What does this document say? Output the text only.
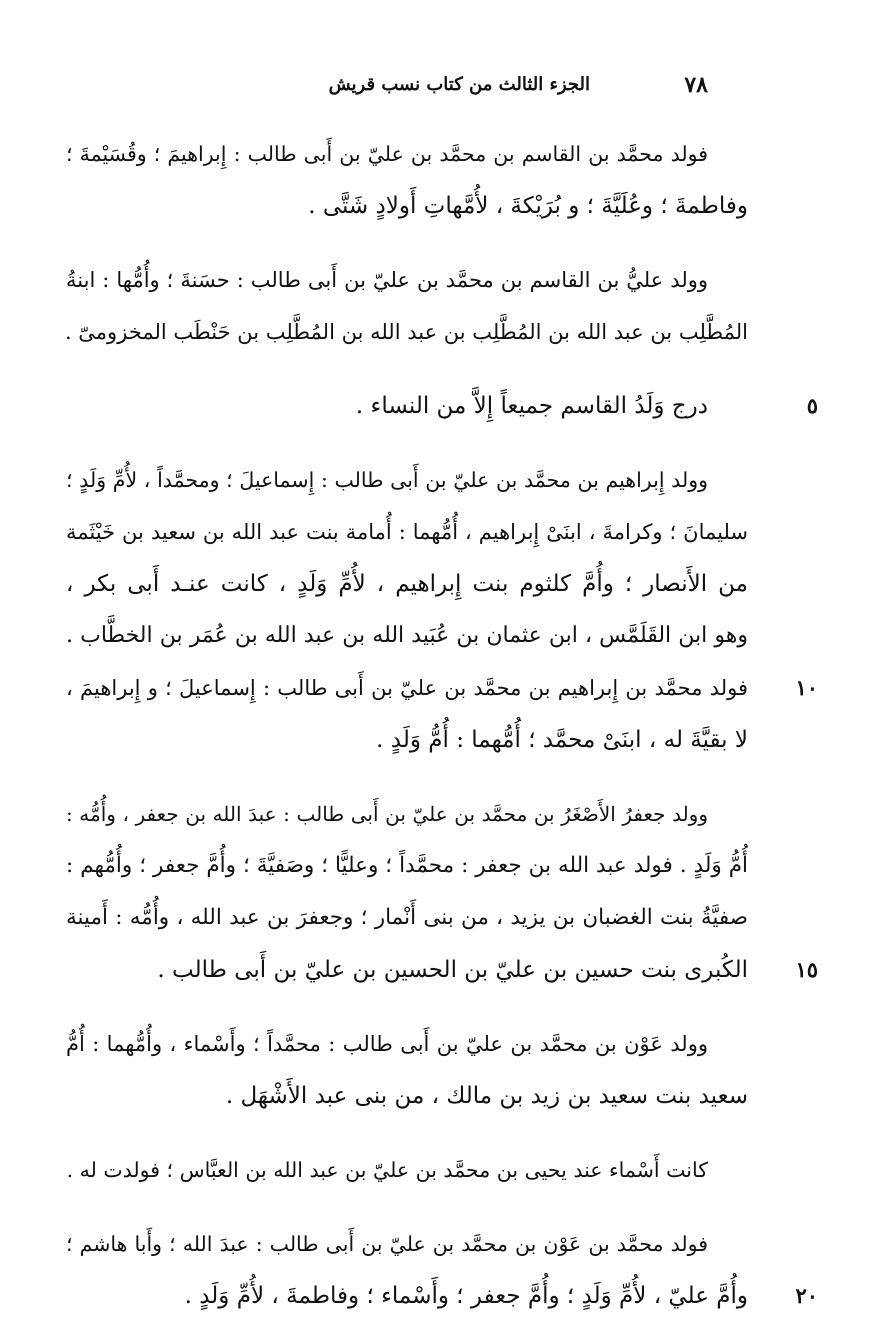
٧٨
الجزء الثالث من كتاب نسب قريش
فولد محمَّد بن القاسم بن محمَّد بن عليّ بن أَبى طالب : إِبراهيمَ ؛ وقُسَيْمةَ ؛
وفاطمةَ ؛ وعُلَيَّةَ ؛ و بُرَيْكةَ ، لأُمَّهاتِ أَولادٍ شَتَّى .
وولد عليُّ بن القاسم بن محمَّد بن عليّ بن أَبى طالب : حسَنةَ ؛ وأُمُّها : ابنةُ
المُطَّلِب بن عبد الله بن المُطَّلِب بن عبد الله بن المُطَّلِب بن حَنْطَب المخزومىّ .
درج وَلَدُ القاسم جميعاً إِلاَّ من النساء .	٥
وولد إِبراهيم بن محمَّد بن عليّ بن أَبى طالب : إِسماعيلَ ؛ ومحمَّداً ، لأُمِّ وَلَدٍ ؛
سليمانَ ؛ وكرامةَ ، ابنَىْ إِبراهيم ، أُمُّهما : أُمامة بنت عبد الله بن سعيد بن خَيْثَمة
من الأَنصار ؛ وأُمَّ كلثوم بنت إِبراهيم ، لأُمِّ وَلَدٍ ، كانت عنـد أَبى بكر ،
وهو ابن القَلَمَّس ، ابن عثمان بن عُبَيد الله بن عبد الله بن عُمَر بن الخطَّاب .
فولد محمَّد بن إِبراهيم بن محمَّد بن عليّ بن أَبى طالب : إِسماعيلَ ؛ و إِبراهيمَ ، ١٠
لا بقيَّةَ له ، ابنَىْ محمَّد ؛ أُمُّهما : أُمُّ وَلَدٍ .
وولد جعفرُ الأَصْغَرُ بن محمَّد بن عليّ بن أَبى طالب : عبدَ الله بن جعفر ، وأُمُّه :
أُمُّ وَلَدٍ . فولد عبد الله بن جعفر : محمَّداً ؛ وعليًّا ؛ وصَفيَّةَ ؛ وأُمَّ جعفر ؛ وأُمُّهم :
صفيَّةُ بنت الغضبان بن يزيد ، من بنى أَنْمار ؛ وجعفرَ بن عبد الله ، وأُمُّه : أَمينة
الكُبرى بنت حسين بن عليّ بن الحسين بن عليّ بن أَبى طالب . ١٥
وولد عَوْن بن محمَّد بن عليّ بن أَبى طالب : محمَّداً ؛ وأَسْماء ، وأُمُّهما : أُمُّ
سعيد بنت سعيد بن زيد بن مالك ، من بنى عبد الأَشْهَل .
كانت أَسْماء عند يحيى بن محمَّد بن عليّ بن عبد الله بن العبَّاس ؛ فولدت له .
فولد محمَّد بن عَوْن بن محمَّد بن عليّ بن أَبى طالب : عبدَ الله ؛ وأَبا هاشم ؛
وأُمَّ عليّ ، لأُمِّ وَلَدٍ ؛ وأُمَّ جعفر ؛ وأَسْماء ؛ وفاطمةَ ، لأُمِّ وَلَدٍ . ٢٠
